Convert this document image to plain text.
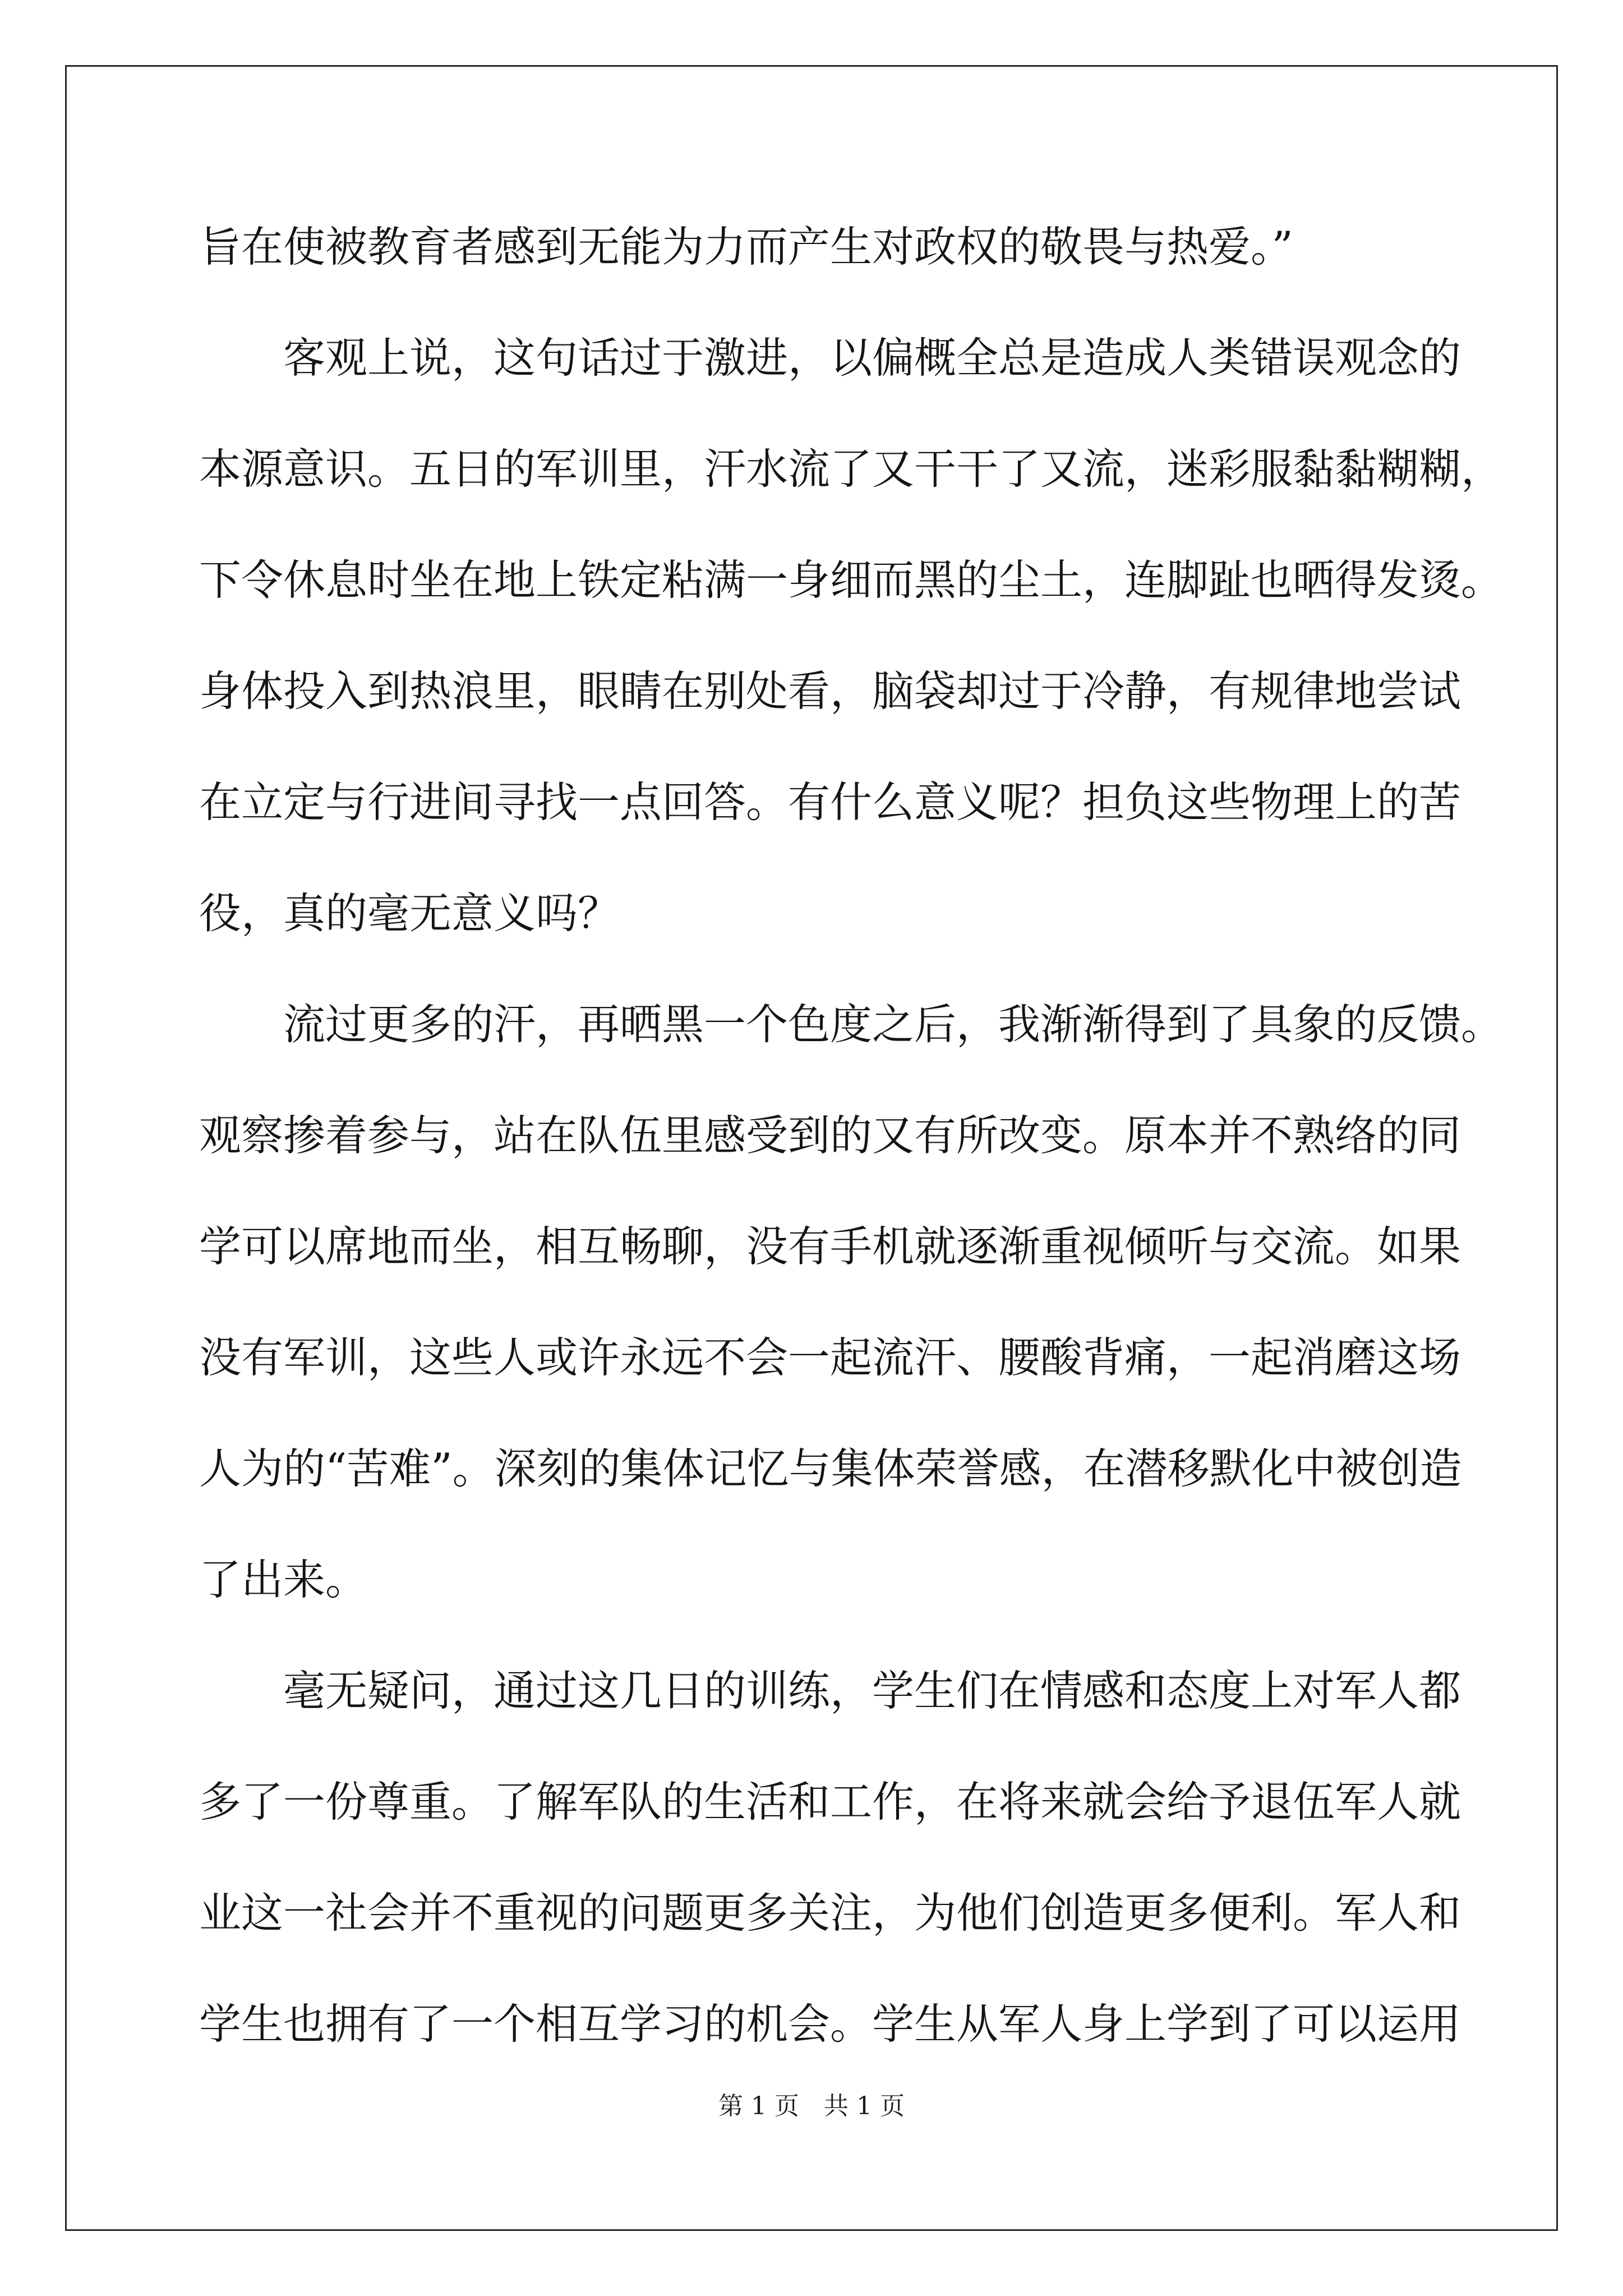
旨在使被教育者感到无能为力而产生对政权的敬畏与热爱。”
客观上说，这句话过于激进，以偏概全总是造成人类错误观念的
本源意识。五日的军训里，汗水流了又干干了又流，迷彩服黏黏糊糊，
下令休息时坐在地上铁定粘满一身细而黑的尘土，连脚趾也晒得发烫。
身体投入到热浪里，眼睛在别处看，脑袋却过于冷静，有规律地尝试
在立定与行进间寻找一点回答。有什么意义呢？担负这些物理上的苦
役，真的毫无意义吗？
流过更多的汗，再晒黑一个色度之后，我渐渐得到了具象的反馈。
观察掺着参与，站在队伍里感受到的又有所改变。原本并不熟络的同
学可以席地而坐，相互畅聊，没有手机就逐渐重视倾听与交流。如果
没有军训，这些人或许永远不会一起流汗、腰酸背痛，一起消磨这场
人为的“苦难”。深刻的集体记忆与集体荣誉感，在潜移默化中被创造
了出来。
毫无疑问，通过这几日的训练，学生们在情感和态度上对军人都
多了一份尊重。了解军队的生活和工作，在将来就会给予退伍军人就
业这一社会并不重视的问题更多关注，为他们创造更多便利。军人和
学生也拥有了一个相互学习的机会。学生从军人身上学到了可以运用
第 1 页　共 1 页
